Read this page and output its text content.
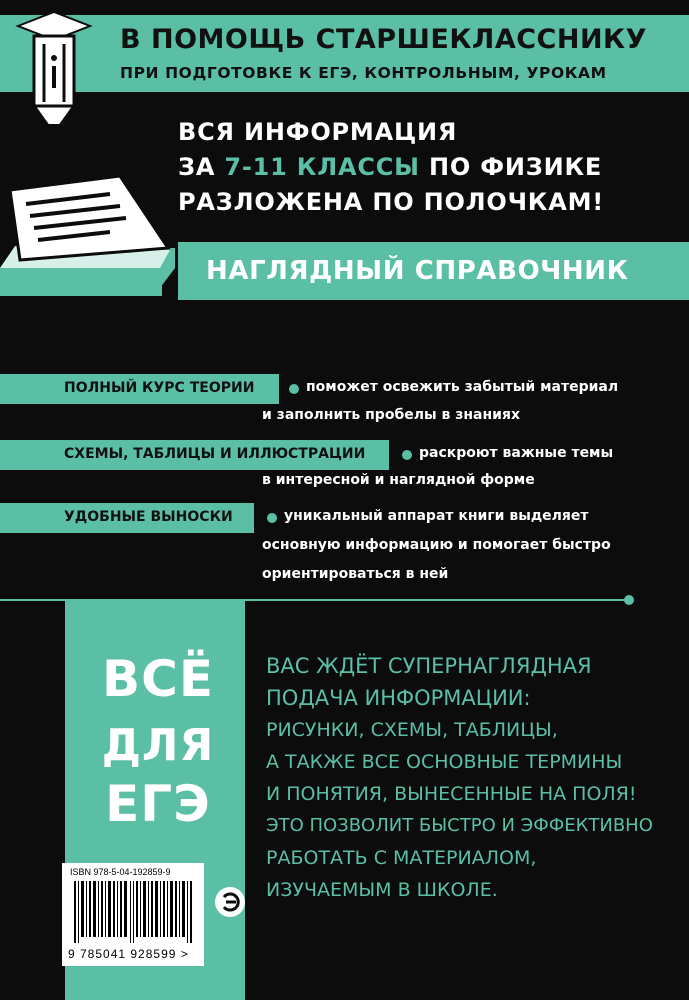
В ПОМОЩЬ СТАРШЕКЛАССНИКУ
ПРИ ПОДГОТОВКЕ К ЕГЭ, КОНТРОЛЬНЫМ, УРОКАМ
ВСЯ ИНФОРМАЦИЯ
ЗА 7-11 КЛАССЫ ПО ФИЗИКЕ
РАЗЛОЖЕНА ПО ПОЛОЧКАМ!
НАГЛЯДНЫЙ СПРАВОЧНИК
ПОЛНЫЙ КУРС ТЕОРИИ	поможет освежить забытый материал
и заполнить пробелы в знаниях
СХЕМЫ, ТАБЛИЦЫ И ИЛЛЮСТРАЦИИ	раскроют важные темы
в интересной и наглядной форме
УДОБНЫЕ ВЫНОСКИ	уникальный аппарат книги выделяет
основную информацию и помогает быстро
ориентироваться в ней
ВСЁ
ДЛЯ
ЕГЭ
ВАС ЖДЁТ СУПЕРНАГЛЯДНАЯ
ПОДАЧА ИНФОРМАЦИИ:
РИСУНКИ, СХЕМЫ, ТАБЛИЦЫ,
А ТАКЖЕ ВСЕ ОСНОВНЫЕ ТЕРМИНЫ
И ПОНЯТИЯ, ВЫНЕСЕННЫЕ НА ПОЛЯ!
ЭТО ПОЗВОЛИТ БЫСТРО И ЭФФЕКТИВНО
РАБОТАТЬ С МАТЕРИАЛОМ,
ИЗУЧАЕМЫМ В ШКОЛЕ.
ISBN 978-5-04-192859-9
9 785041 928599 >
